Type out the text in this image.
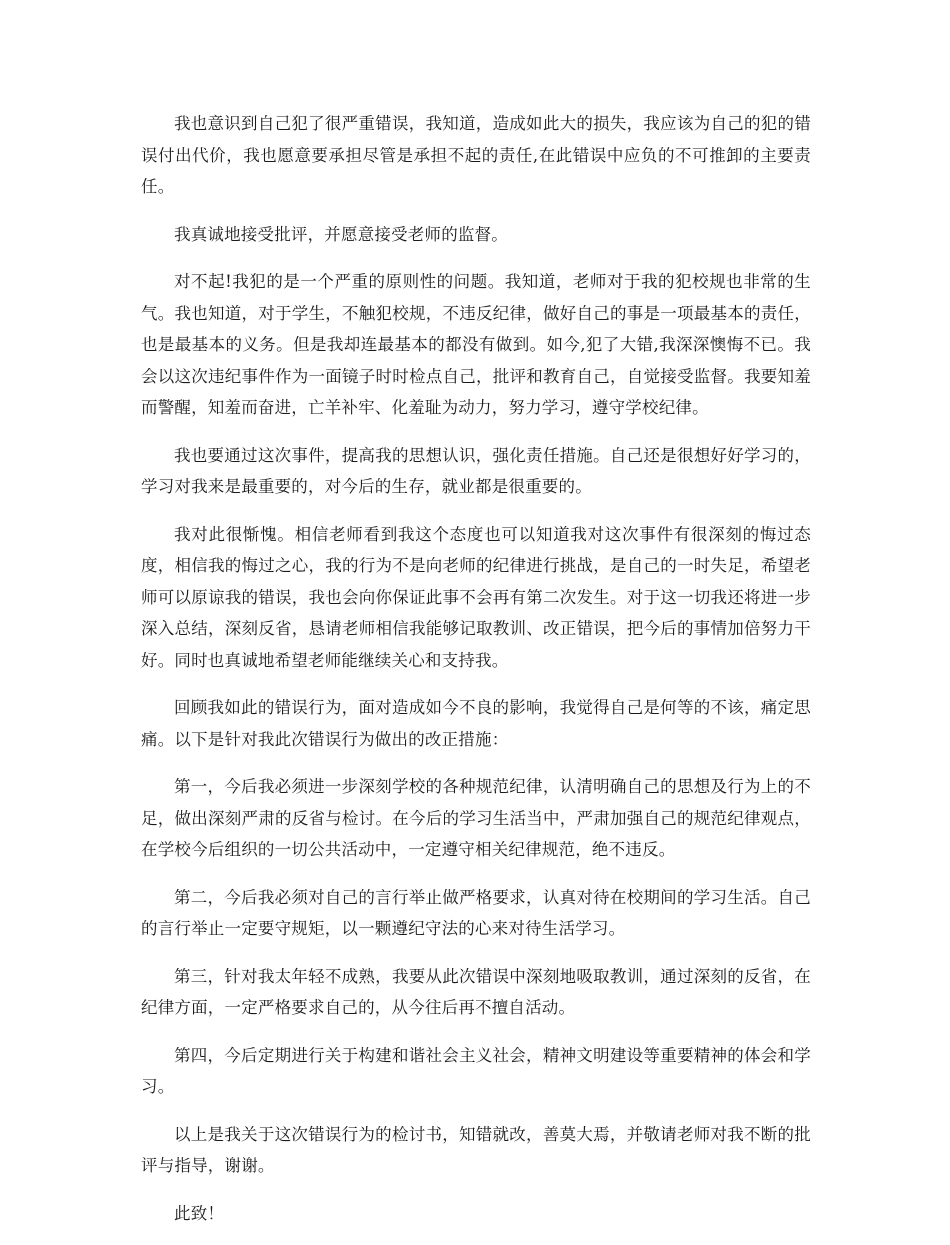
我也意识到自己犯了很严重错误，我知道，造成如此大的损失，我应该为自己的犯的错误付出代价，我也愿意要承担尽管是承担不起的责任,在此错误中应负的不可推卸的主要责任。

我真诚地接受批评，并愿意接受老师的监督。

对不起!我犯的是一个严重的原则性的问题。我知道，老师对于我的犯校规也非常的生气。我也知道，对于学生，不触犯校规，不违反纪律，做好自己的事是一项最基本的责任，也是最基本的义务。但是我却连最基本的都没有做到。如今,犯了大错,我深深懊悔不已。我会以这次违纪事件作为一面镜子时时检点自己，批评和教育自己，自觉接受监督。我要知羞而警醒，知羞而奋进，亡羊补牢、化羞耻为动力，努力学习，遵守学校纪律。

我也要通过这次事件，提高我的思想认识，强化责任措施。自己还是很想好好学习的，学习对我来是最重要的，对今后的生存，就业都是很重要的。

我对此很惭愧。相信老师看到我这个态度也可以知道我对这次事件有很深刻的悔过态度，相信我的悔过之心，我的行为不是向老师的纪律进行挑战，是自己的一时失足，希望老师可以原谅我的错误，我也会向你保证此事不会再有第二次发生。对于这一切我还将进一步深入总结，深刻反省，恳请老师相信我能够记取教训、改正错误，把今后的事情加倍努力干好。同时也真诚地希望老师能继续关心和支持我。

回顾我如此的错误行为，面对造成如今不良的影响，我觉得自己是何等的不该，痛定思痛。以下是针对我此次错误行为做出的改正措施：

第一，今后我必须进一步深刻学校的各种规范纪律，认清明确自己的思想及行为上的不足，做出深刻严肃的反省与检讨。在今后的学习生活当中，严肃加强自己的规范纪律观点，在学校今后组织的一切公共活动中，一定遵守相关纪律规范，绝不违反。

第二，今后我必须对自己的言行举止做严格要求，认真对待在校期间的学习生活。自己的言行举止一定要守规矩，以一颗遵纪守法的心来对待生活学习。

第三，针对我太年轻不成熟，我要从此次错误中深刻地吸取教训，通过深刻的反省，在纪律方面，一定严格要求自己的，从今往后再不擅自活动。

第四，今后定期进行关于构建和谐社会主义社会，精神文明建设等重要精神的体会和学习。

以上是我关于这次错误行为的检讨书，知错就改，善莫大焉，并敬请老师对我不断的批评与指导，谢谢。

此致！
